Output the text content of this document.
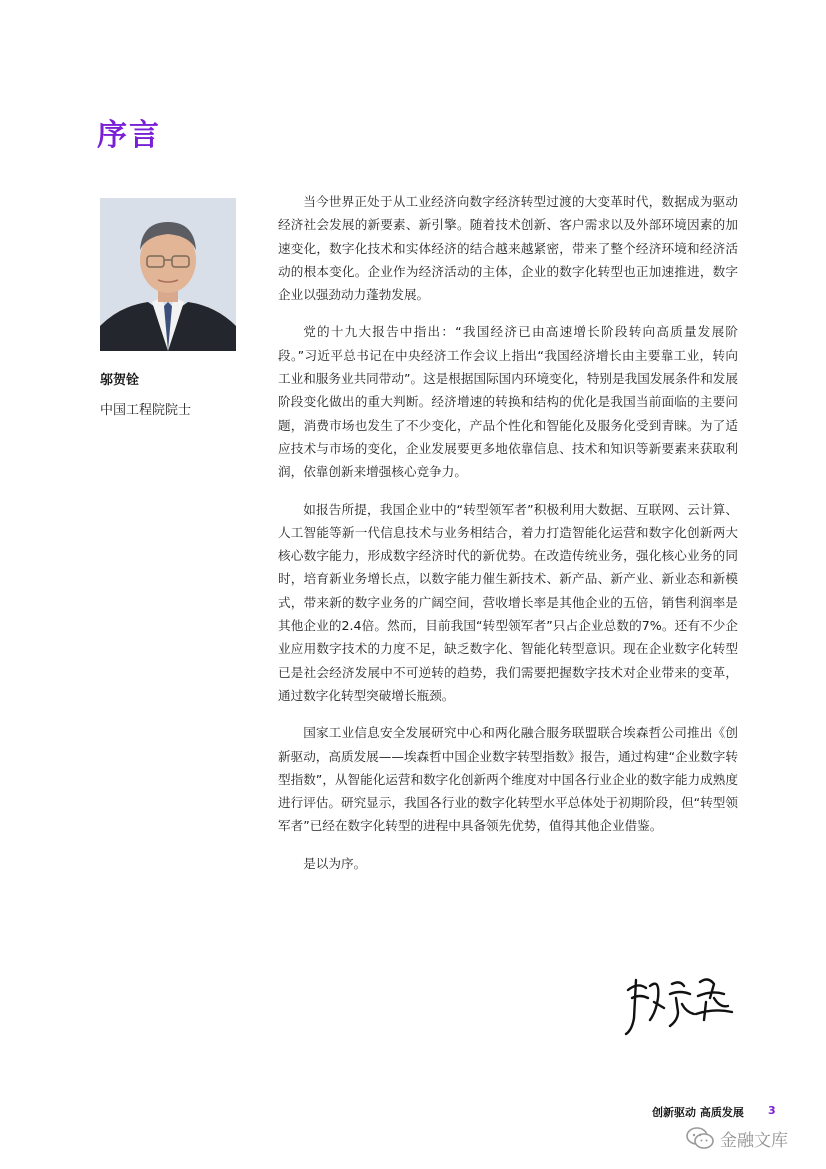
序言
邬贺铨
中国工程院院士

当今世界正处于从工业经济向数字经济转型过渡的大变革时代，数据成为驱动经济社会发展的新要素、新引擎。随着技术创新、客户需求以及外部环境因素的加速变化，数字化技术和实体经济的结合越来越紧密，带来了整个经济环境和经济活动的根本变化。企业作为经济活动的主体，企业的数字化转型也正加速推进，数字企业以强劲动力蓬勃发展。

党的十九大报告中指出：“我国经济已由高速增长阶段转向高质量发展阶段。”习近平总书记在中央经济工作会议上指出“我国经济增长由主要靠工业，转向工业和服务业共同带动”。这是根据国际国内环境变化，特别是我国发展条件和发展阶段变化做出的重大判断。经济增速的转换和结构的优化是我国当前面临的主要问题，消费市场也发生了不少变化，产品个性化和智能化及服务化受到青睐。为了适应技术与市场的变化，企业发展要更多地依靠信息、技术和知识等新要素来获取利润，依靠创新来增强核心竞争力。

如报告所提，我国企业中的“转型领军者”积极利用大数据、互联网、云计算、人工智能等新一代信息技术与业务相结合，着力打造智能化运营和数字化创新两大核心数字能力，形成数字经济时代的新优势。在改造传统业务，强化核心业务的同时，培育新业务增长点，以数字能力催生新技术、新产品、新产业、新业态和新模式，带来新的数字业务的广阔空间，营收增长率是其他企业的五倍，销售利润率是其他企业的2.4倍。然而，目前我国“转型领军者”只占企业总数的7%。还有不少企业应用数字技术的力度不足，缺乏数字化、智能化转型意识。现在企业数字化转型已是社会经济发展中不可逆转的趋势，我们需要把握数字技术对企业带来的变革，通过数字化转型突破增长瓶颈。

国家工业信息安全发展研究中心和两化融合服务联盟联合埃森哲公司推出《创新驱动，高质发展——埃森哲中国企业数字转型指数》报告，通过构建“企业数字转型指数”，从智能化运营和数字化创新两个维度对中国各行业企业的数字能力成熟度进行评估。研究显示，我国各行业的数字化转型水平总体处于初期阶段，但“转型领军者”已经在数字化转型的进程中具备领先优势，值得其他企业借鉴。

是以为序。

创新驱动 高质发展 3
金融文库
